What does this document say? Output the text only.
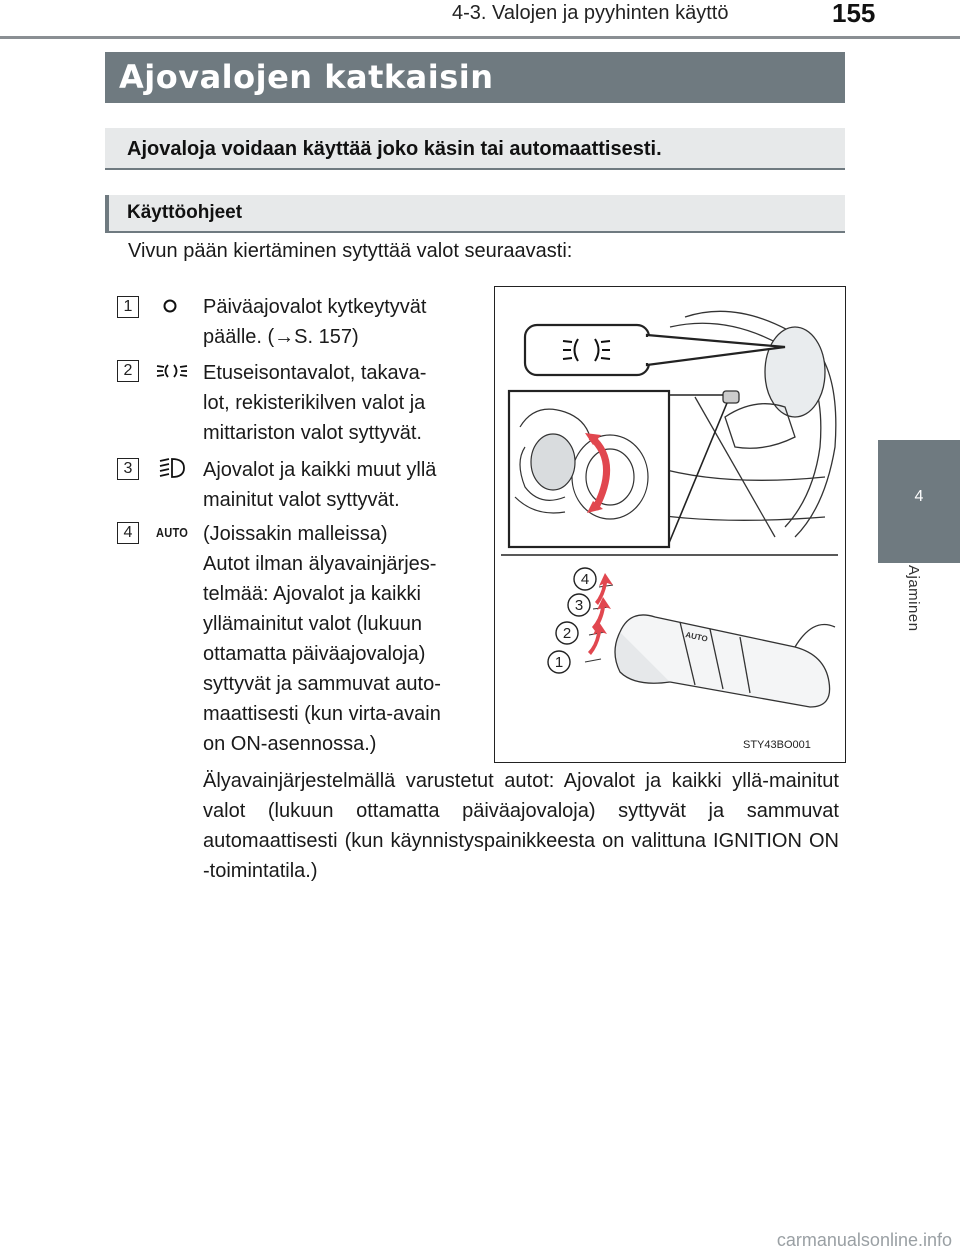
4-3. Valojen ja pyyhinten käyttö	155
4
Ajaminen
Ajovalojen katkaisin
Ajovaloja voidaan käyttää joko käsin tai automaattisesti.
Käyttöohjeet
Vivun pään kiertäminen sytyttää valot seuraavasti:
1	Päiväajovalot kytkeytyvät
päälle. (→S. 157)
2	Etuseisontavalot, takava-
lot, rekisterikilven valot ja
mittariston valot syttyvät.
3	Ajovalot ja kaikki muut yllä
mainitut valot syttyvät.
4	AUTO (Joissakin malleissa)
Autot ilman älyavainjärjes-
telmää: Ajovalot ja kaikki
yllämainitut valot (lukuun
ottamatta päiväajovaloja)
syttyvät ja sammuvat auto-
maattisesti (kun virta-avain
on ON-asennossa.)
AUTO
4
3
2
1
STY43BO001
Älyavainjärjestelmällä varustetut autot: Ajovalot ja kaikki yllä-mainitut valot (lukuun ottamatta päiväajovaloja) syttyvät ja sammuvat automaattisesti (kun käynnistyspainikkeesta on valittuna IGNITION ON -toimintatila.)
carmanualsonline.info
